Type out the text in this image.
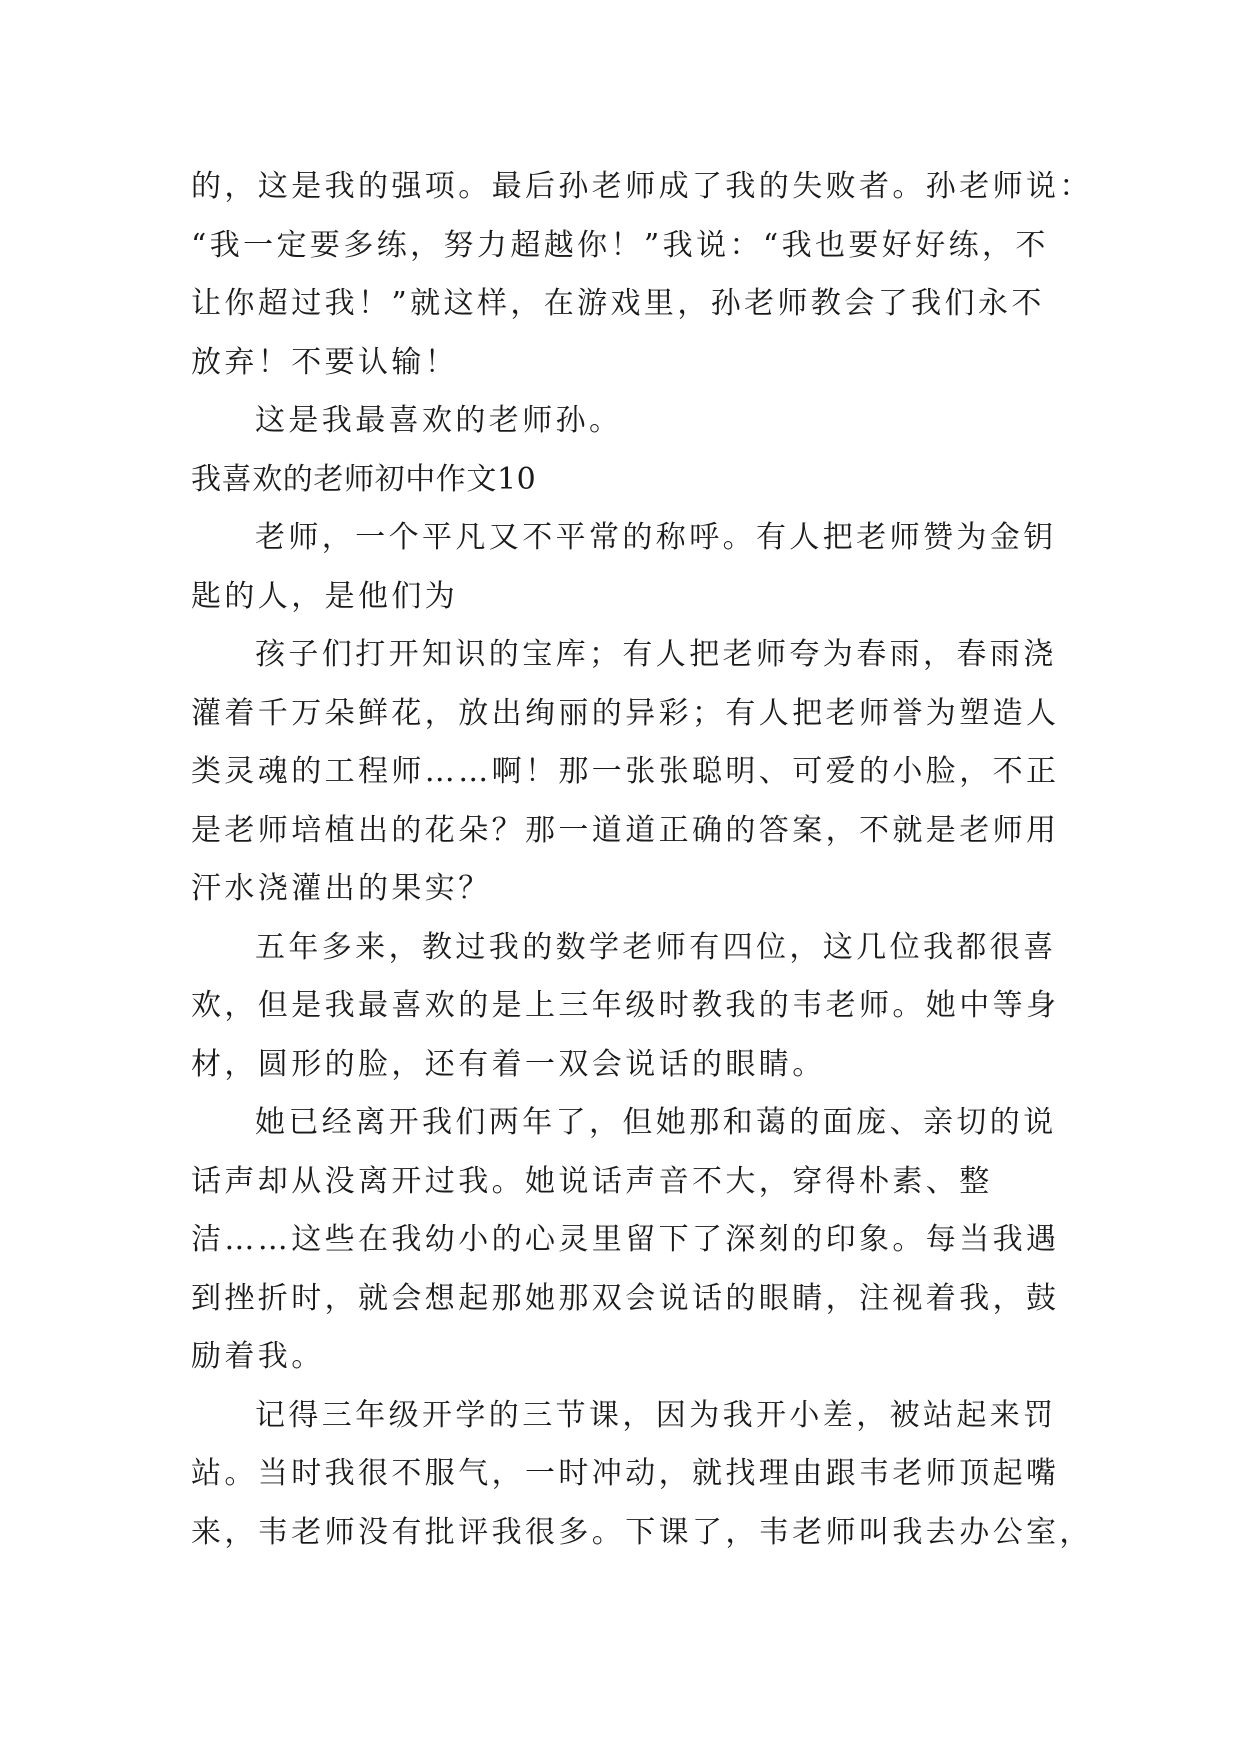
的，这是我的强项。最后孙老师成了我的失败者。孙老师说：
“我一定要多练，努力超越你！”我说：“我也要好好练，不
让你超过我！”就这样，在游戏里，孙老师教会了我们永不
放弃！不要认输！
这是我最喜欢的老师孙。
我喜欢的老师初中作文10
老师，一个平凡又不平常的称呼。有人把老师赞为金钥
匙的人，是他们为
孩子们打开知识的宝库；有人把老师夸为春雨，春雨浇
灌着千万朵鲜花，放出绚丽的异彩；有人把老师誉为塑造人
类灵魂的工程师……啊！那一张张聪明、可爱的小脸，不正
是老师培植出的花朵？那一道道正确的答案，不就是老师用
汗水浇灌出的果实？
五年多来，教过我的数学老师有四位，这几位我都很喜
欢，但是我最喜欢的是上三年级时教我的韦老师。她中等身
材，圆形的脸，还有着一双会说话的眼睛。
她已经离开我们两年了，但她那和蔼的面庞、亲切的说
话声却从没离开过我。她说话声音不大，穿得朴素、整
洁……这些在我幼小的心灵里留下了深刻的印象。每当我遇
到挫折时，就会想起那她那双会说话的眼睛，注视着我，鼓
励着我。
记得三年级开学的三节课，因为我开小差，被站起来罚
站。当时我很不服气，一时冲动，就找理由跟韦老师顶起嘴
来，韦老师没有批评我很多。下课了，韦老师叫我去办公室，
